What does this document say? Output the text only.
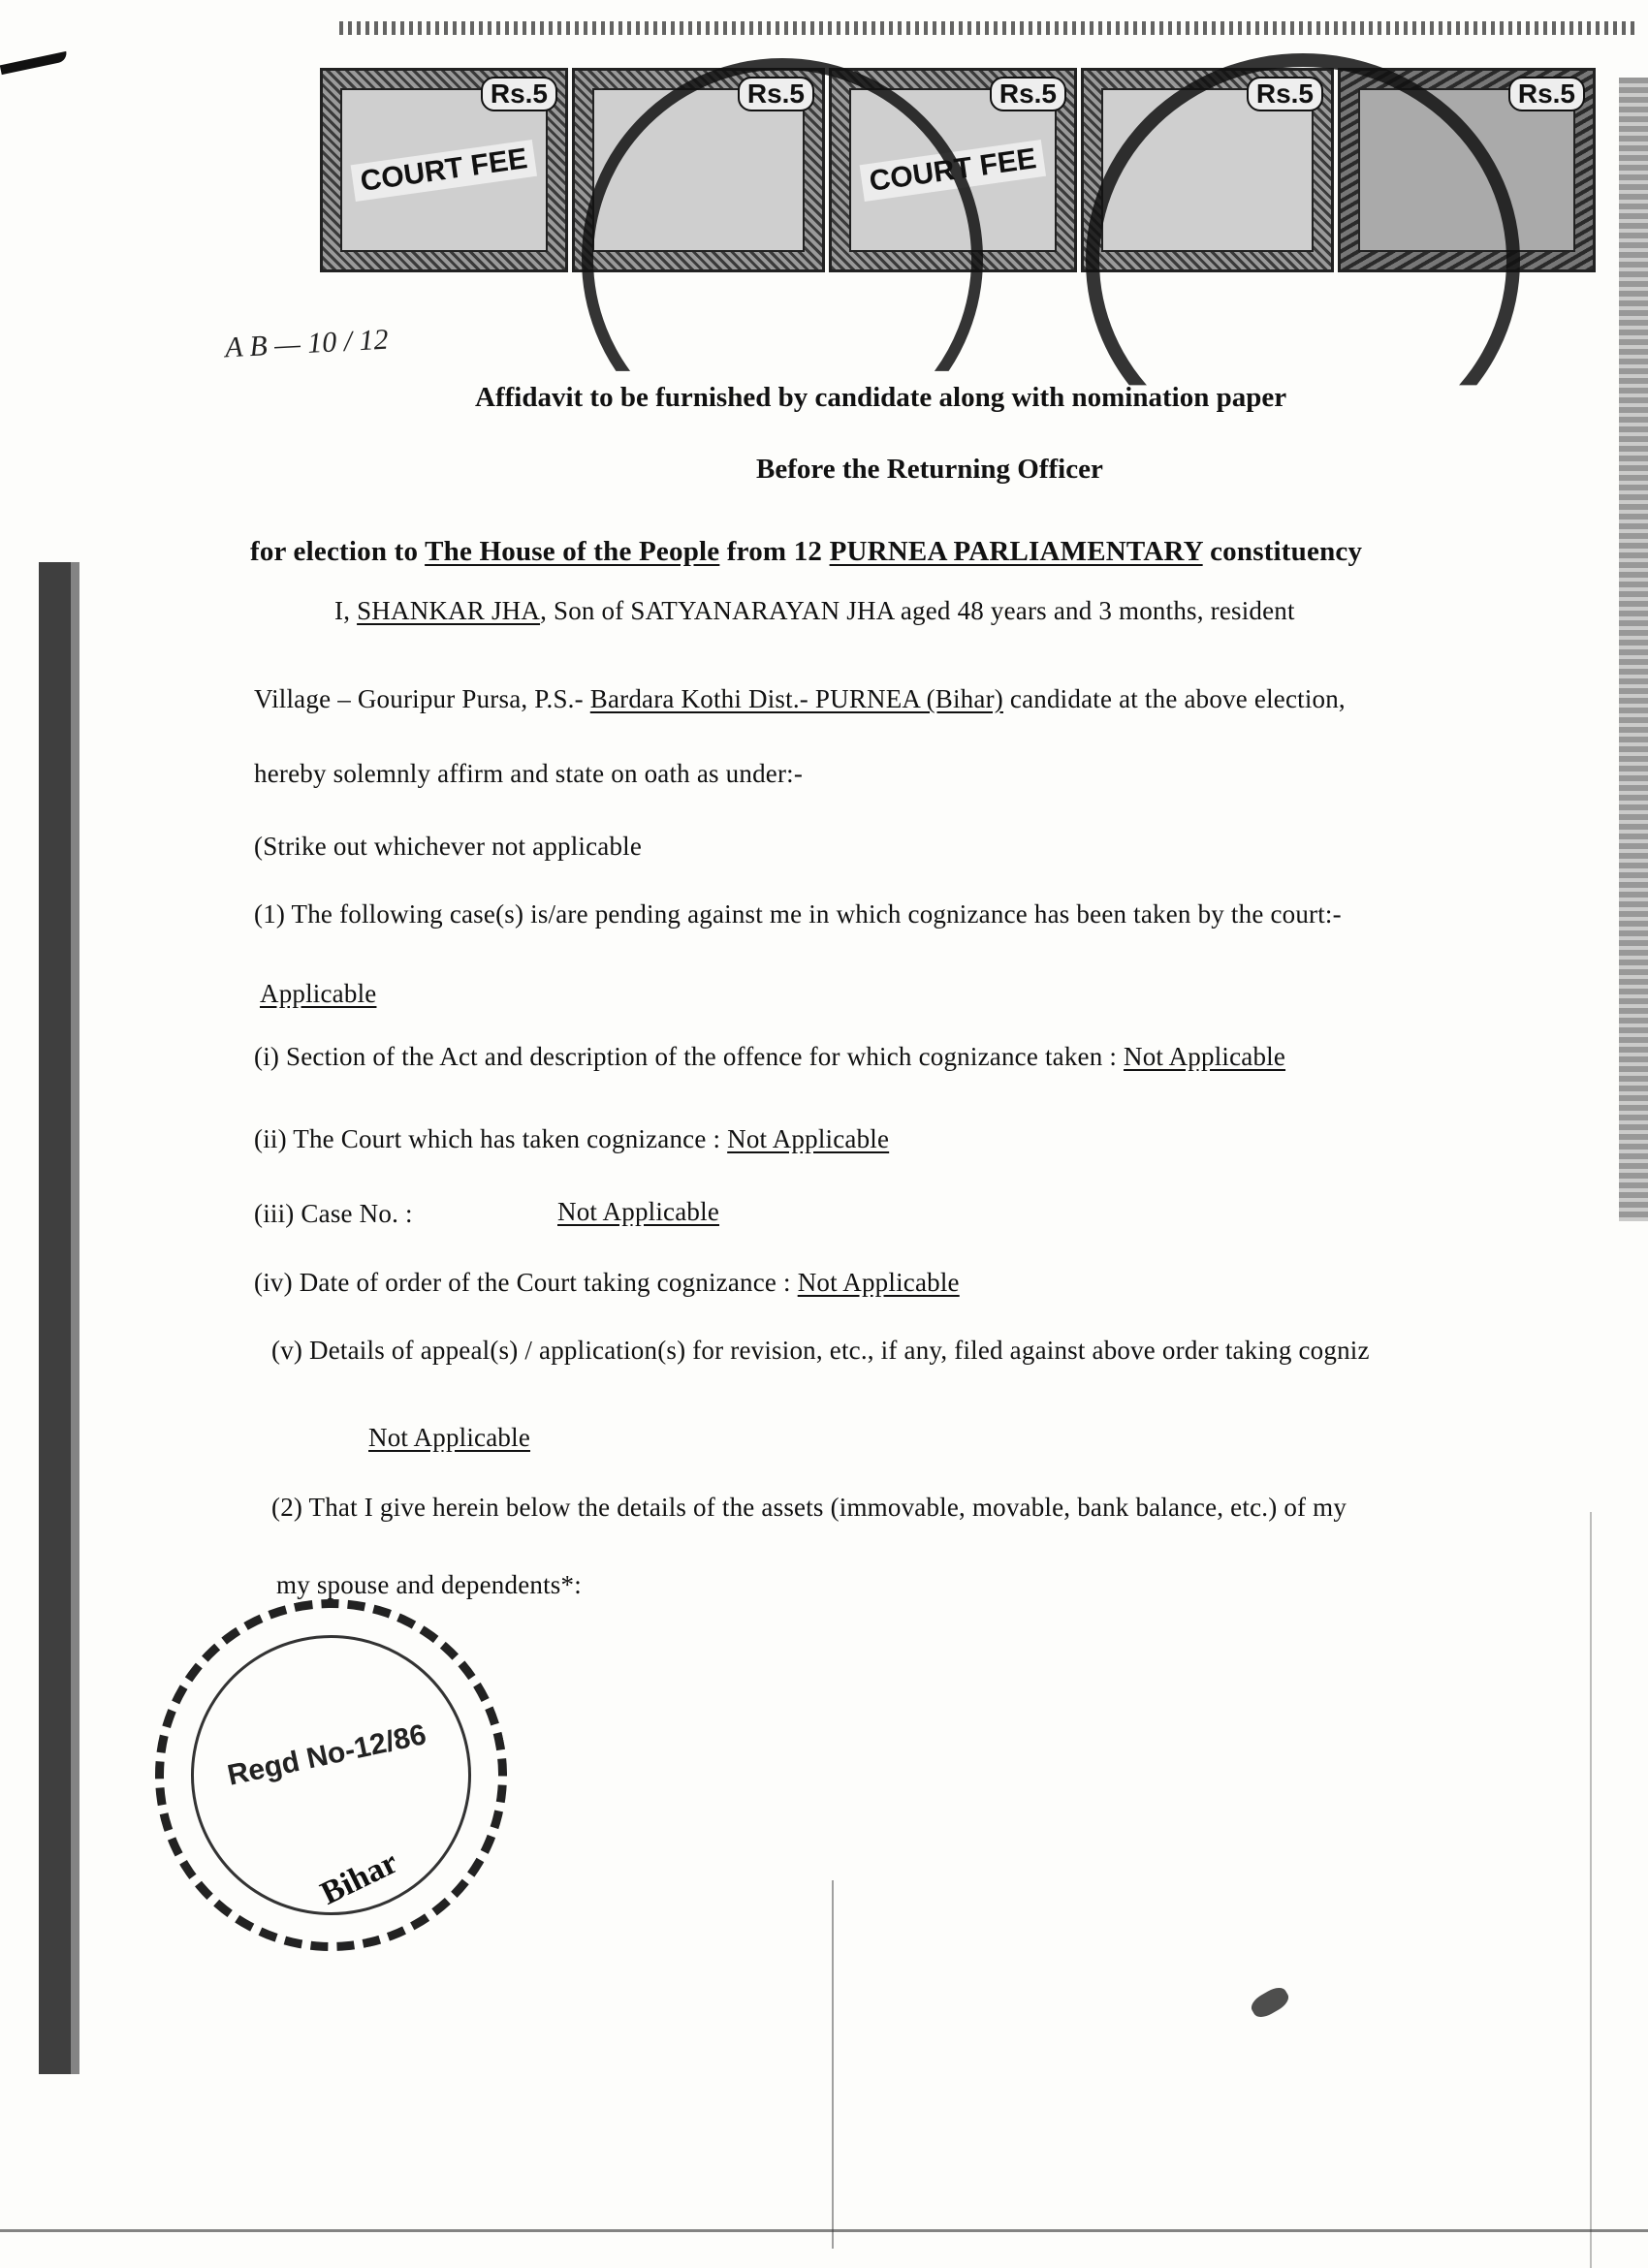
Rs.5
COURT FEE
Rs.5	Rs.5
COURT FEE
Rs.5	Rs.5
A B — 10 / 12
Affidavit to be furnished by candidate along with nomination paper
Before the Returning Officer
for election to The House of the People from 12 PURNEA PARLIAMENTARY constituency
I, SHANKAR JHA, Son of SATYANARAYAN JHA aged 48 years and 3 months, resident
Village – Gouripur Pursa, P.S.- Bardara Kothi Dist.- PURNEA (Bihar) candidate at the above election,
hereby solemnly affirm and state on oath as under:-
(Strike out whichever not applicable
(1) The following case(s) is/are pending against me in which cognizance has been taken by the court:-
Applicable
(i) Section of the Act and description of the offence for which cognizance taken : Not Applicable
(ii) The Court which has taken cognizance : Not Applicable
(iii) Case No. :	Not Applicable
(iv) Date of order of the Court taking cognizance : Not Applicable
(v) Details of appeal(s) / application(s) for revision, etc., if any, filed against above order taking cogniz
Not Applicable
(2) That I give herein below the details of the assets (immovable, movable, bank balance, etc.) of my
my spouse and dependents*:
Regd No-12/86
Bihar
